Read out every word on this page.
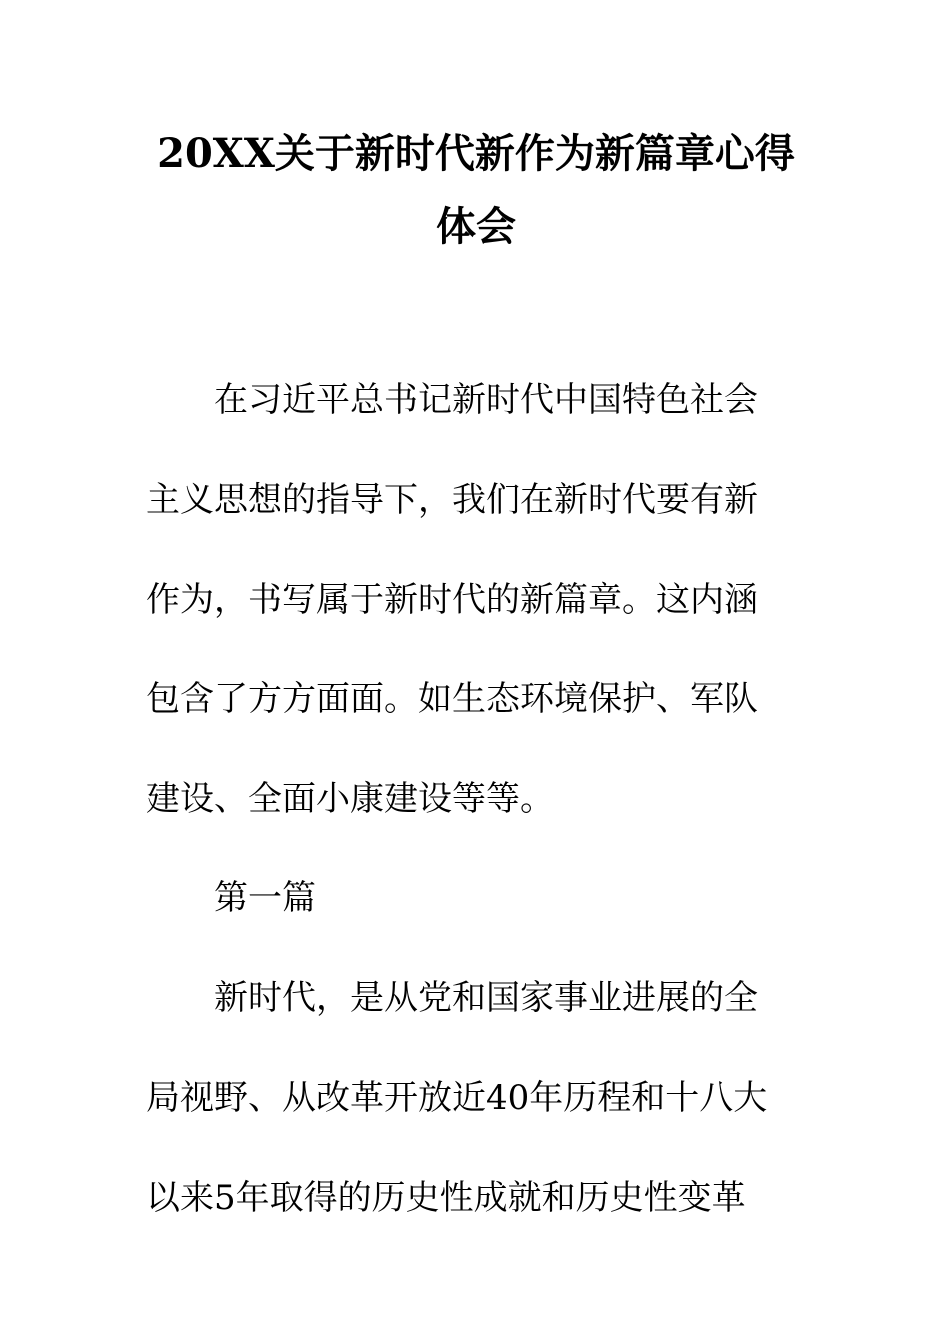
20XX关于新时代新作为新篇章心得
体会
在习近平总书记新时代中国特色社会
主义思想的指导下，我们在新时代要有新
作为，书写属于新时代的新篇章。这内涵
包含了方方面面。如生态环境保护、军队
建设、全面小康建设等等。
第一篇
新时代，是从党和国家事业进展的全
局视野、从改革开放近40年历程和十八大
以来5年取得的历史性成就和历史性变革
